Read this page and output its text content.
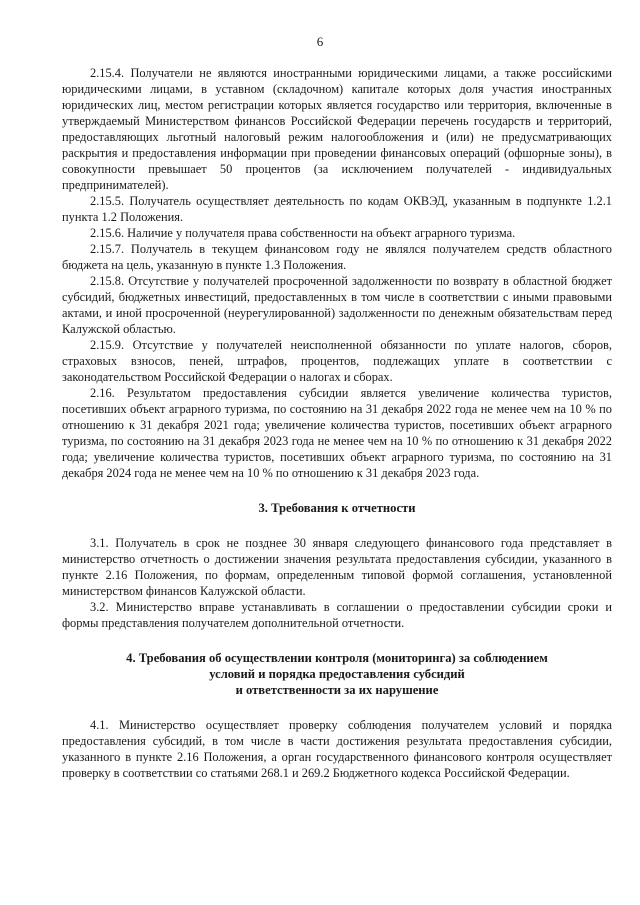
6

2.15.4. Получатели не являются иностранными юридическими лицами, а также российскими юридическими лицами, в уставном (складочном) капитале которых доля участия иностранных юридических лиц, местом регистрации которых является государство или территория, включенные в утверждаемый Министерством финансов Российской Федерации перечень государств и территорий, предоставляющих льготный налоговый режим налогообложения и (или) не предусматривающих раскрытия и предоставления информации при проведении финансовых операций (офшорные зоны), в совокупности превышает 50 процентов (за исключением получателей - индивидуальных предпринимателей).

2.15.5. Получатель осуществляет деятельность по кодам ОКВЭД, указанным в подпункте 1.2.1 пункта 1.2 Положения.

2.15.6. Наличие у получателя права собственности на объект аграрного туризма.

2.15.7. Получатель в текущем финансовом году не являлся получателем средств областного бюджета на цель, указанную в пункте 1.3 Положения.

2.15.8. Отсутствие у получателей просроченной задолженности по возврату в областной бюджет субсидий, бюджетных инвестиций, предоставленных в том числе в соответствии с иными правовыми актами, и иной просроченной (неурегулированной) задолженности по денежным обязательствам перед Калужской областью.

2.15.9. Отсутствие у получателей неисполненной обязанности по уплате налогов, сборов, страховых взносов, пеней, штрафов, процентов, подлежащих уплате в соответствии с законодательством Российской Федерации о налогах и сборах.

2.16. Результатом предоставления субсидии является увеличение количества туристов, посетивших объект аграрного туризма, по состоянию на 31 декабря 2022 года не менее чем на 10 % по отношению к 31 декабря 2021 года; увеличение количества туристов, посетивших объект аграрного туризма, по состоянию на 31 декабря 2023 года не менее чем на 10 % по отношению к 31 декабря 2022 года; увеличение количества туристов, посетивших объект аграрного туризма, по состоянию на 31 декабря 2024 года не менее чем на 10 % по отношению к 31 декабря 2023 года.

3. Требования к отчетности

3.1. Получатель в срок не позднее 30 января следующего финансового года представляет в министерство отчетность о достижении значения результата предоставления субсидии, указанного в пункте 2.16 Положения, по формам, определенным типовой формой соглашения, установленной министерством финансов Калужской области.

3.2. Министерство вправе устанавливать в соглашении о предоставлении субсидии сроки и формы представления получателем дополнительной отчетности.

4. Требования об осуществлении контроля (мониторинга) за соблюдением

условий и порядка предоставления субсидий

и ответственности за их нарушение

4.1. Министерство осуществляет проверку соблюдения получателем условий и порядка предоставления субсидий, в том числе в части достижения результата предоставления субсидии, указанного в пункте 2.16 Положения, а орган государственного финансового контроля осуществляет проверку в соответствии со статьями 268.1 и 269.2 Бюджетного кодекса Российской Федерации.
